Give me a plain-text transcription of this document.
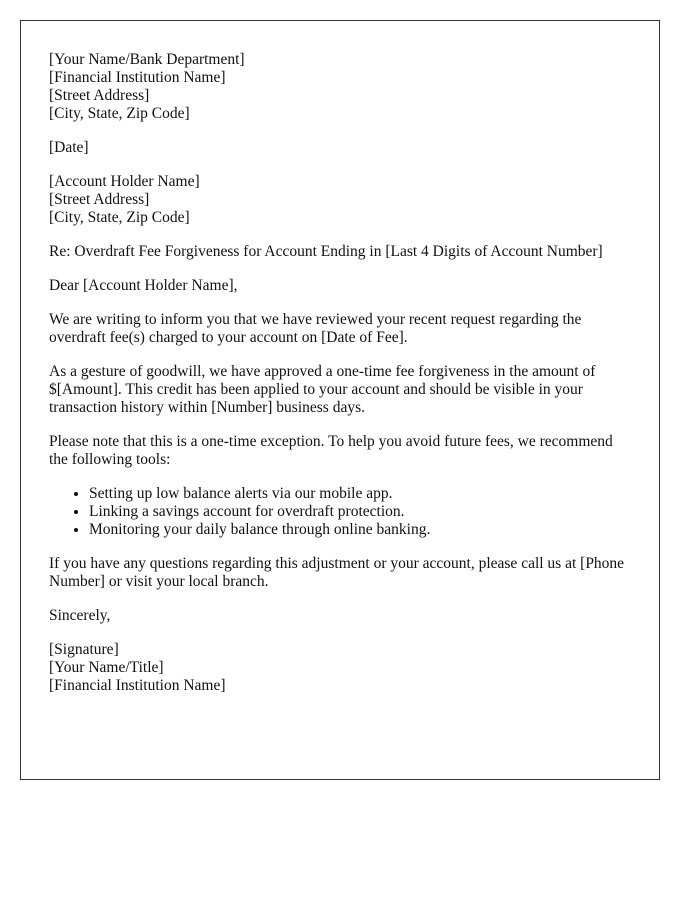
[Your Name/Bank Department]
[Financial Institution Name]
[Street Address]
[City, State, Zip Code]
[Date]
[Account Holder Name]
[Street Address]
[City, State, Zip Code]

Re: Overdraft Fee Forgiveness for Account Ending in [Last 4 Digits of Account Number]

Dear [Account Holder Name],

We are writing to inform you that we have reviewed your recent request regarding the overdraft fee(s) charged to your account on [Date of Fee].

As a gesture of goodwill, we have approved a one-time fee forgiveness in the amount of $[Amount]. This credit has been applied to your account and should be visible in your transaction history within [Number] business days.

Please note that this is a one-time exception. To help you avoid future fees, we recommend the following tools:

• Setting up low balance alerts via our mobile app.
• Linking a savings account for overdraft protection.
• Monitoring your daily balance through online banking.

If you have any questions regarding this adjustment or your account, please call us at [Phone Number] or visit your local branch.

Sincerely,

[Signature]
[Your Name/Title]
[Financial Institution Name]
